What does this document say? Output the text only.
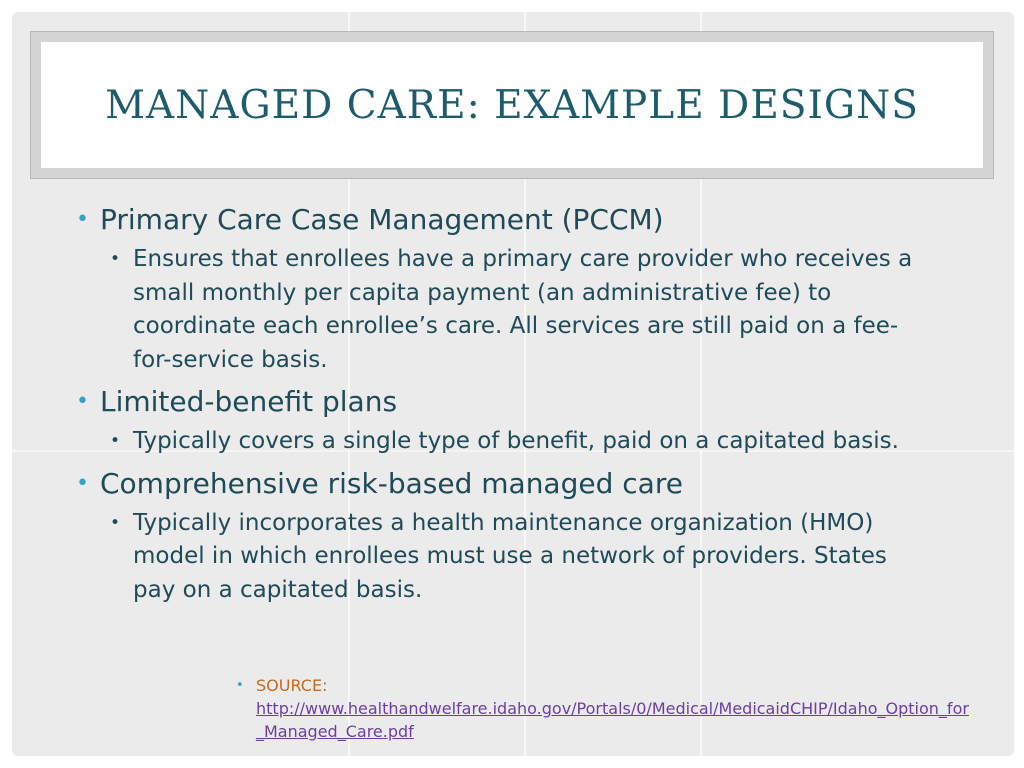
MANAGED CARE: EXAMPLE DESIGNS
• Primary Care Case Management (PCCM)
• Ensures that enrollees have a primary care provider who receives a small monthly per capita payment (an administrative fee) to coordinate each enrollee’s care. All services are still paid on a fee-for-service basis.
• Limited-benefit plans
• Typically covers a single type of benefit, paid on a capitated basis.
• Comprehensive risk-based managed care
• Typically incorporates a health maintenance organization (HMO) model in which enrollees must use a network of providers. States pay on a capitated basis.
• SOURCE:
http://www.healthandwelfare.idaho.gov/Portals/0/Medical/MedicaidCHIP/Idaho_Option_for_Managed_Care.pdf
